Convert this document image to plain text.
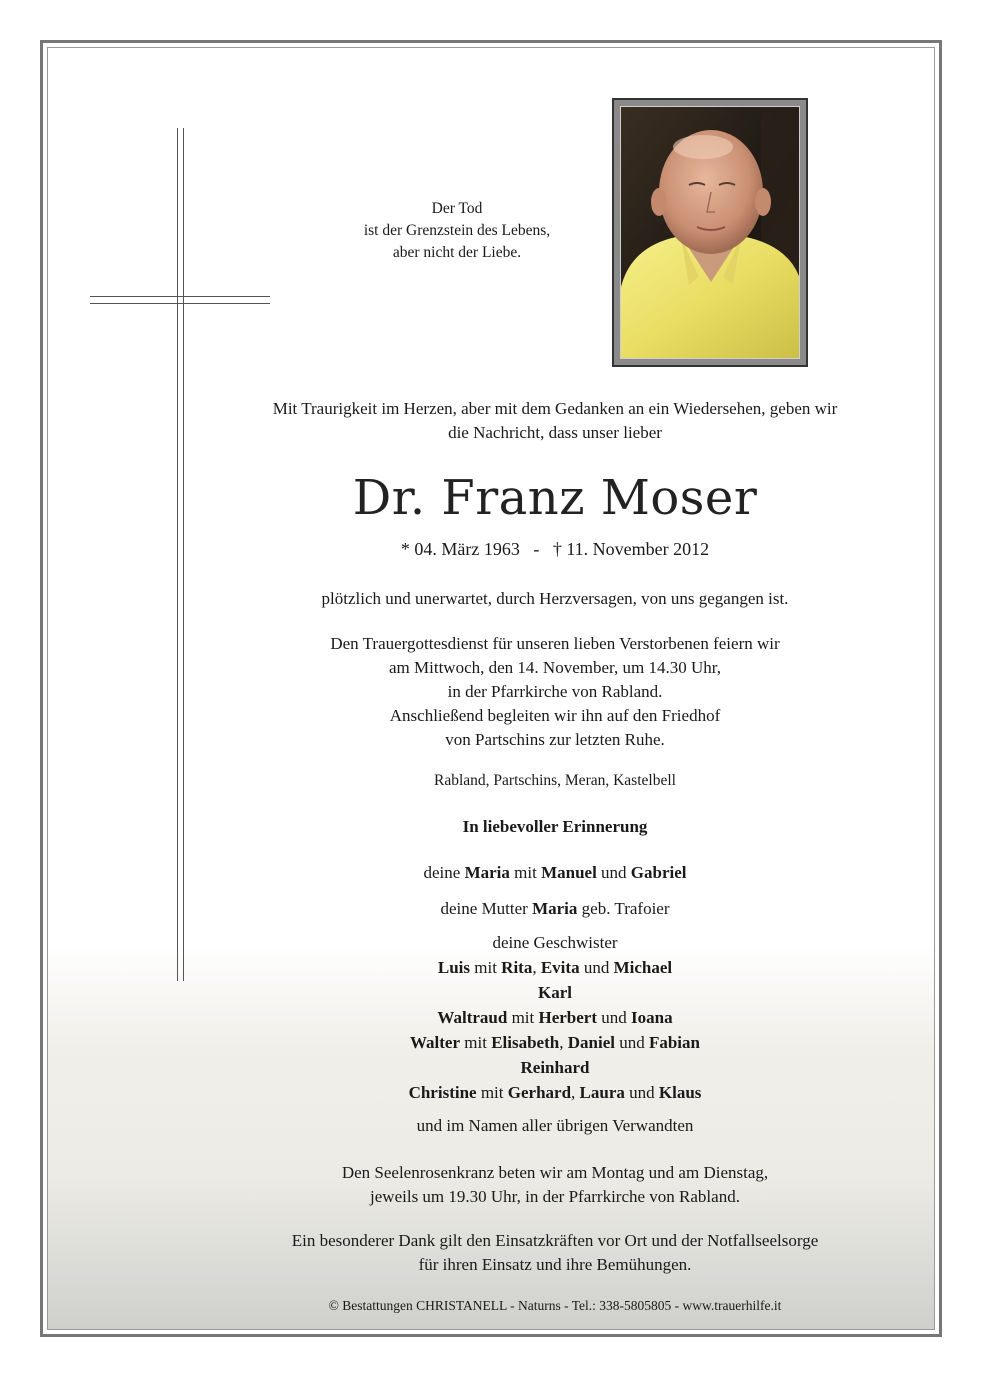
Der Tod
ist der Grenzstein des Lebens,
aber nicht der Liebe.
Mit Traurigkeit im Herzen, aber mit dem Gedanken an ein Wiedersehen, geben wir
die Nachricht, dass unser lieber
Dr. Franz Moser
* 04. März 1963   -   † 11. November 2012
plötzlich und unerwartet, durch Herzversagen, von uns gegangen ist.
Den Trauergottesdienst für unseren lieben Verstorbenen feiern wir
am Mittwoch, den 14. November, um 14.30 Uhr,
in der Pfarrkirche von Rabland.
Anschließend begleiten wir ihn auf den Friedhof
von Partschins zur letzten Ruhe.
Rabland, Partschins, Meran, Kastelbell
In liebevoller Erinnerung
deine Maria mit Manuel und Gabriel
deine Mutter Maria geb. Trafoier
deine Geschwister
Luis mit Rita, Evita und Michael
Karl
Waltraud mit Herbert und Ioana
Walter mit Elisabeth, Daniel und Fabian
Reinhard
Christine mit Gerhard, Laura und Klaus
und im Namen aller übrigen Verwandten
Den Seelenrosenkranz beten wir am Montag und am Dienstag,
jeweils um 19.30 Uhr, in der Pfarrkirche von Rabland.
Ein besonderer Dank gilt den Einsatzkräften vor Ort und der Notfallseelsorge
für ihren Einsatz und ihre Bemühungen.
© Bestattungen CHRISTANELL - Naturns - Tel.: 338-5805805 - www.trauerhilfe.it
